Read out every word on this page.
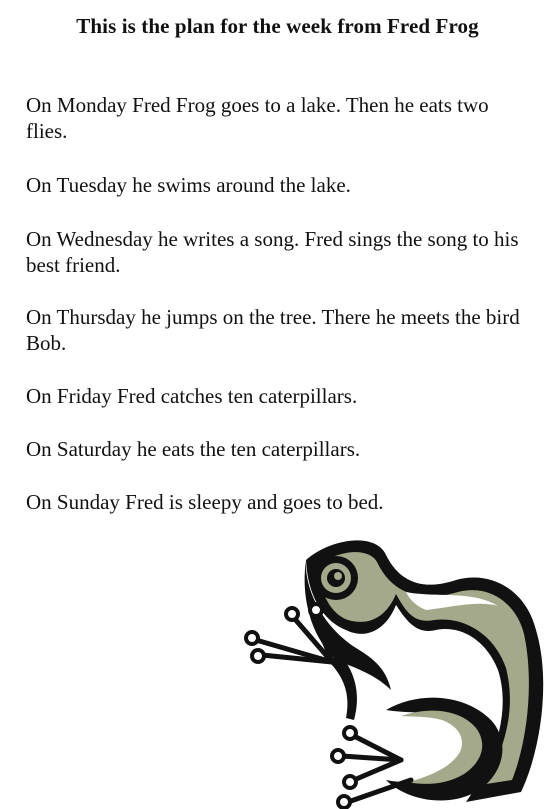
This is the plan for the week from Fred Frog
On Monday Fred Frog goes to a lake. Then he eats two flies.
On Tuesday he swims around the lake.
On Wednesday he writes a song. Fred sings the song to his best friend.
On Thursday he jumps on the tree. There he meets the bird Bob.
On Friday Fred catches ten caterpillars.
On Saturday he eats the ten caterpillars.
On Sunday Fred is sleepy and goes to bed.
